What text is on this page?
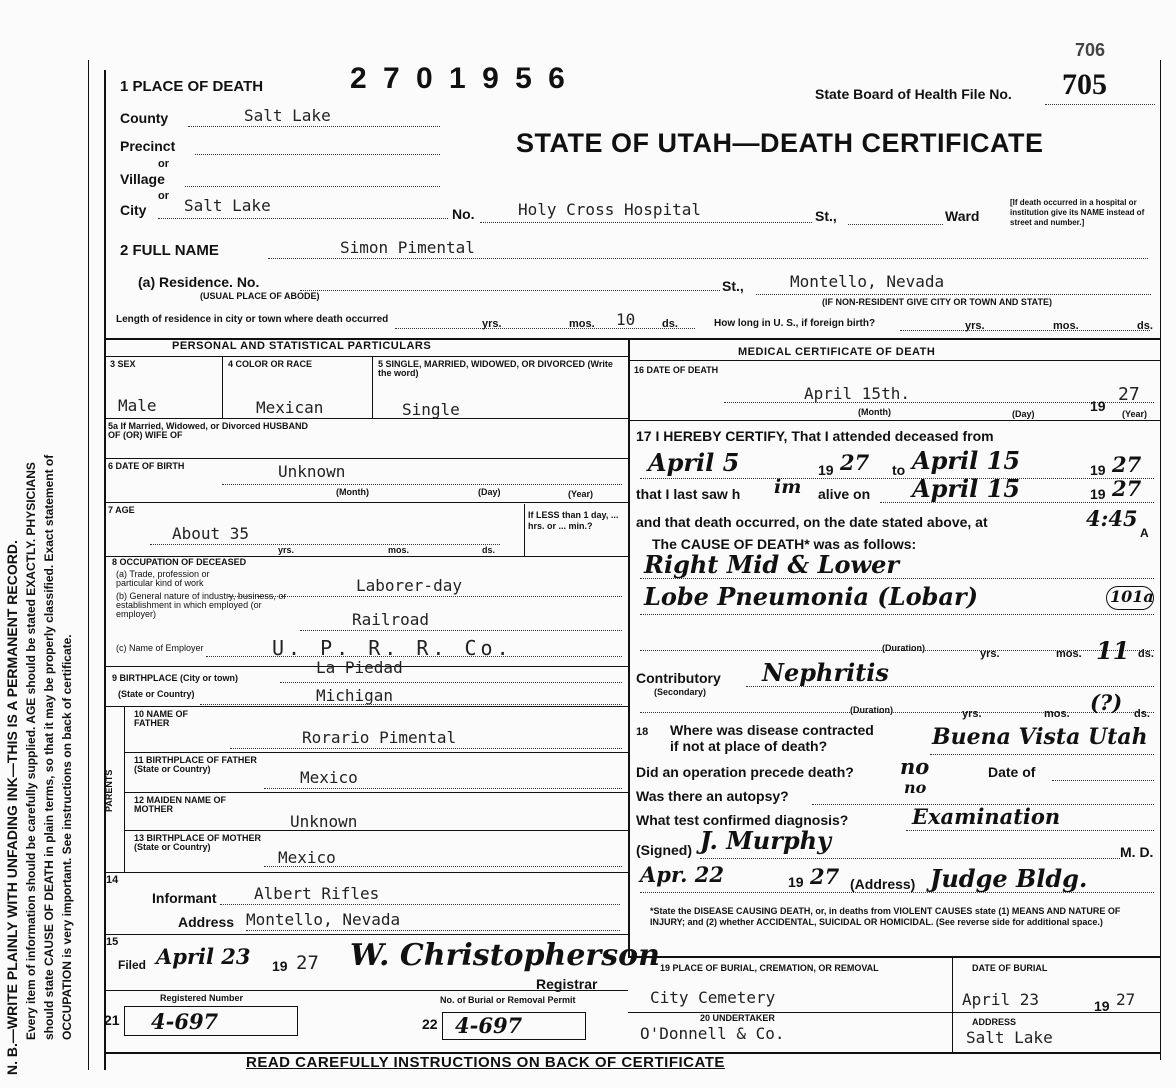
N. B.—WRITE PLAINLY WITH UNFADING INK—THIS IS A PERMANENT RECORD. Every item of information should be carefully supplied. AGE should be stated EXACTLY. PHYSICIANS should state CAUSE OF DEATH in plain terms, so that it may be properly classified. Exact statement of OCCUPATION is very important. See instructions on back of certificate.
1 PLACE OF DEATH	2 7 0 1 9 5 6
706
State Board of Health File No. 705
STATE OF UTAH—DEATH CERTIFICATE
County	Salt Lake
Precinct
or
Village
or
City Salt Lake	No.	Holy Cross Hospital	St.,	Ward
[If death occurred in a hospital or institution give its NAME instead of street and number.]
2 FULL NAME	Simon Pimental
(a) Residence. No.
(USUAL PLACE OF ABODE)
St.,	Montello, Nevada
(IF NON-RESIDENT GIVE CITY OR TOWN AND STATE)
Length of residence in city or town where death occurred	yrs.	mos. 10 ds.	How long in U. S., if foreign birth?	yrs.	mos.	ds.
PERSONAL AND STATISTICAL PARTICULARS
3 SEX
Male
4 COLOR OR RACE
Mexican
5 SINGLE, MARRIED, WIDOWED, OR DIVORCED (Write the word)
Single
5a If Married, Widowed, or Divorced HUSBAND OF (OR) WIFE OF
6 DATE OF BIRTH	Unknown
(Month)	(Day)	(Year)
7 AGE
About 35
yrs.	mos.	ds.
If LESS than 1 day, ... hrs. or ... min.?
8 OCCUPATION OF DECEASED
(a) Trade, profession or particular kind of work	Laborer-day
(b) General nature of industry, business, or establishment in which employed (or employer)	Railroad
(c) Name of Employer	U. P. R. R. Co.
9 BIRTHPLACE (City or town)
La Piedad
(State or Country)	Michigan
PARENTS
10 NAME OF FATHER
Rorario Pimental
11 BIRTHPLACE OF FATHER (State or Country)	Mexico
12 MAIDEN NAME OF MOTHER
Unknown
13 BIRTHPLACE OF MOTHER (State or Country)
Mexico
14
Informant Albert Rifles
Address Montello, Nevada
15
Filed April 23 19 27 W. Christopherson
Registrar
Registered Number	No. of Burial or Removal Permit
21 4-697	22 4-697
MEDICAL CERTIFICATE OF DEATH
16 DATE OF DEATH
April 15th.
19
27
(Month)	(Day)	(Year)
17 I HEREBY CERTIFY, That I attended deceased from
April 5	19 27 to April 15	19 27
that I last saw h im alive on April 15	19 27
and that death occurred, on the date stated above, at	4:45
A
The CAUSE OF DEATH* was as follows:
Right Mid & Lower
Lobe Pneumonia (Lobar)	101a
(Duration)	yrs.	mos. 11 ds.
Contributory
(Secondary)
Nephritis
(Duration)	yrs.	mos. (?) ds.
18 Where was disease contracted
if not at place of death?	Buena Vista Utah
Did an operation precede death? no	Date of
Was there an autopsy?	no
What test confirmed diagnosis?	Examination
(Signed) J. Murphy	M. D.
Apr. 22	19 27 (Address) Judge Bldg.
*State the DISEASE CAUSING DEATH, or, in deaths from VIOLENT CAUSES state (1) MEANS AND NATURE OF INJURY; and (2) whether ACCIDENTAL, SUICIDAL OR HOMICIDAL. (See reverse side for additional space.)
19 PLACE OF BURIAL, CREMATION, OR REMOVAL
City Cemetery
DATE OF BURIAL
April 23	19 27
20 UNDERTAKER
O'Donnell & Co.
ADDRESS
Salt Lake
READ CAREFULLY INSTRUCTIONS ON BACK OF CERTIFICATE
